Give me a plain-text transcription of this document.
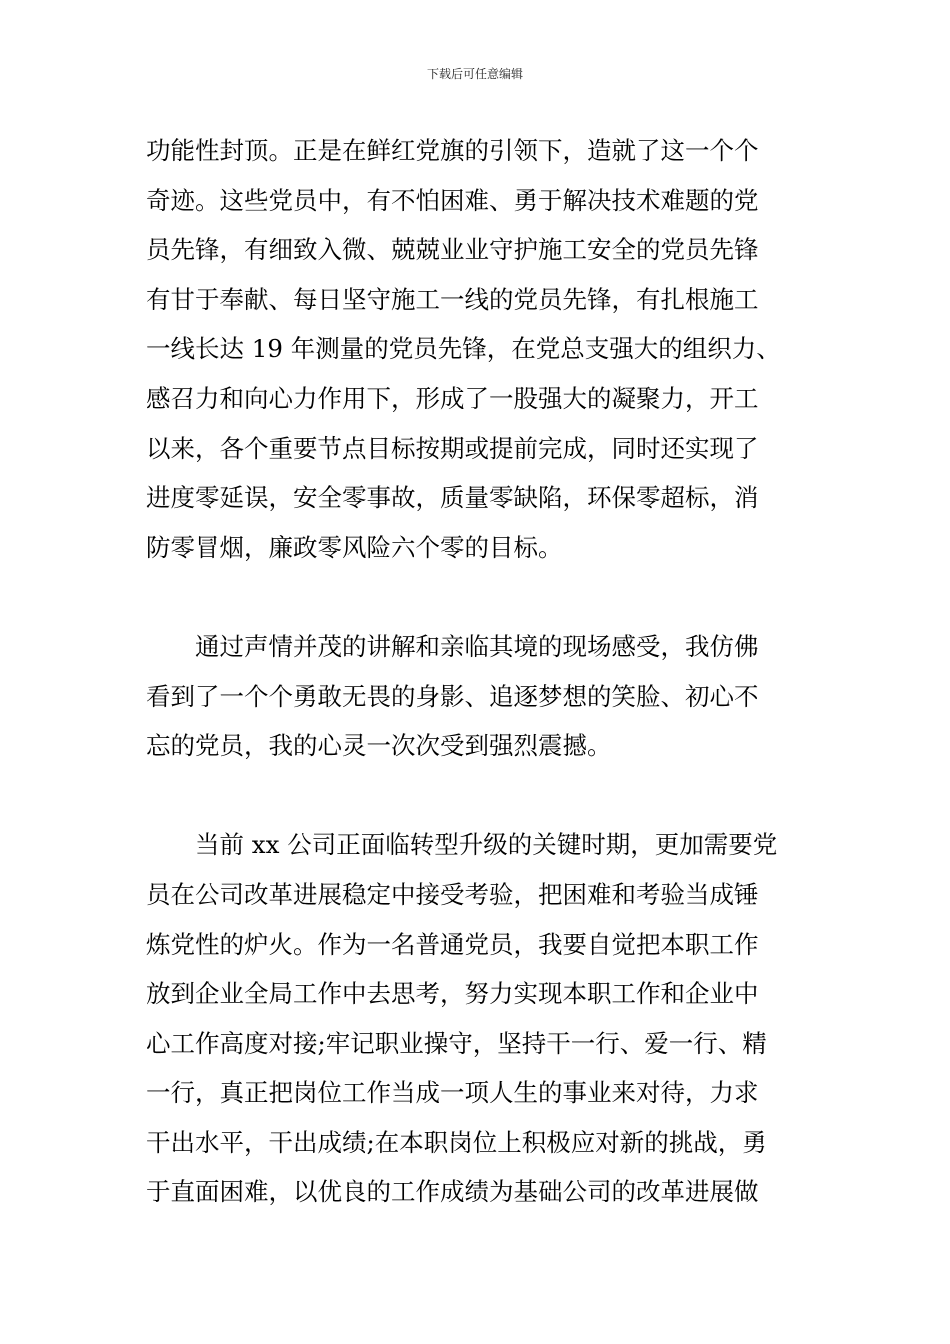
下载后可任意编辑
功能性封顶。正是在鲜红党旗的引领下，造就了这一个个
奇迹。这些党员中，有不怕困难、勇于解决技术难题的党
员先锋，有细致入微、兢兢业业守护施工安全的党员先锋
有甘于奉献、每日坚守施工一线的党员先锋，有扎根施工
一线长达 19 年测量的党员先锋，在党总支强大的组织力、
感召力和向心力作用下，形成了一股强大的凝聚力，开工
以来，各个重要节点目标按期或提前完成，同时还实现了
进度零延误，安全零事故，质量零缺陷，环保零超标，消
防零冒烟，廉政零风险六个零的目标。
　　通过声情并茂的讲解和亲临其境的现场感受，我仿佛
看到了一个个勇敢无畏的身影、追逐梦想的笑脸、初心不
忘的党员，我的心灵一次次受到强烈震撼。
　　当前 xx 公司正面临转型升级的关键时期，更加需要党
员在公司改革进展稳定中接受考验，把困难和考验当成锤
炼党性的炉火。作为一名普通党员，我要自觉把本职工作
放到企业全局工作中去思考，努力实现本职工作和企业中
心工作高度对接;牢记职业操守，坚持干一行、爱一行、精
一行，真正把岗位工作当成一项人生的事业来对待，力求
干出水平，干出成绩;在本职岗位上积极应对新的挑战，勇
于直面困难，以优良的工作成绩为基础公司的改革进展做
